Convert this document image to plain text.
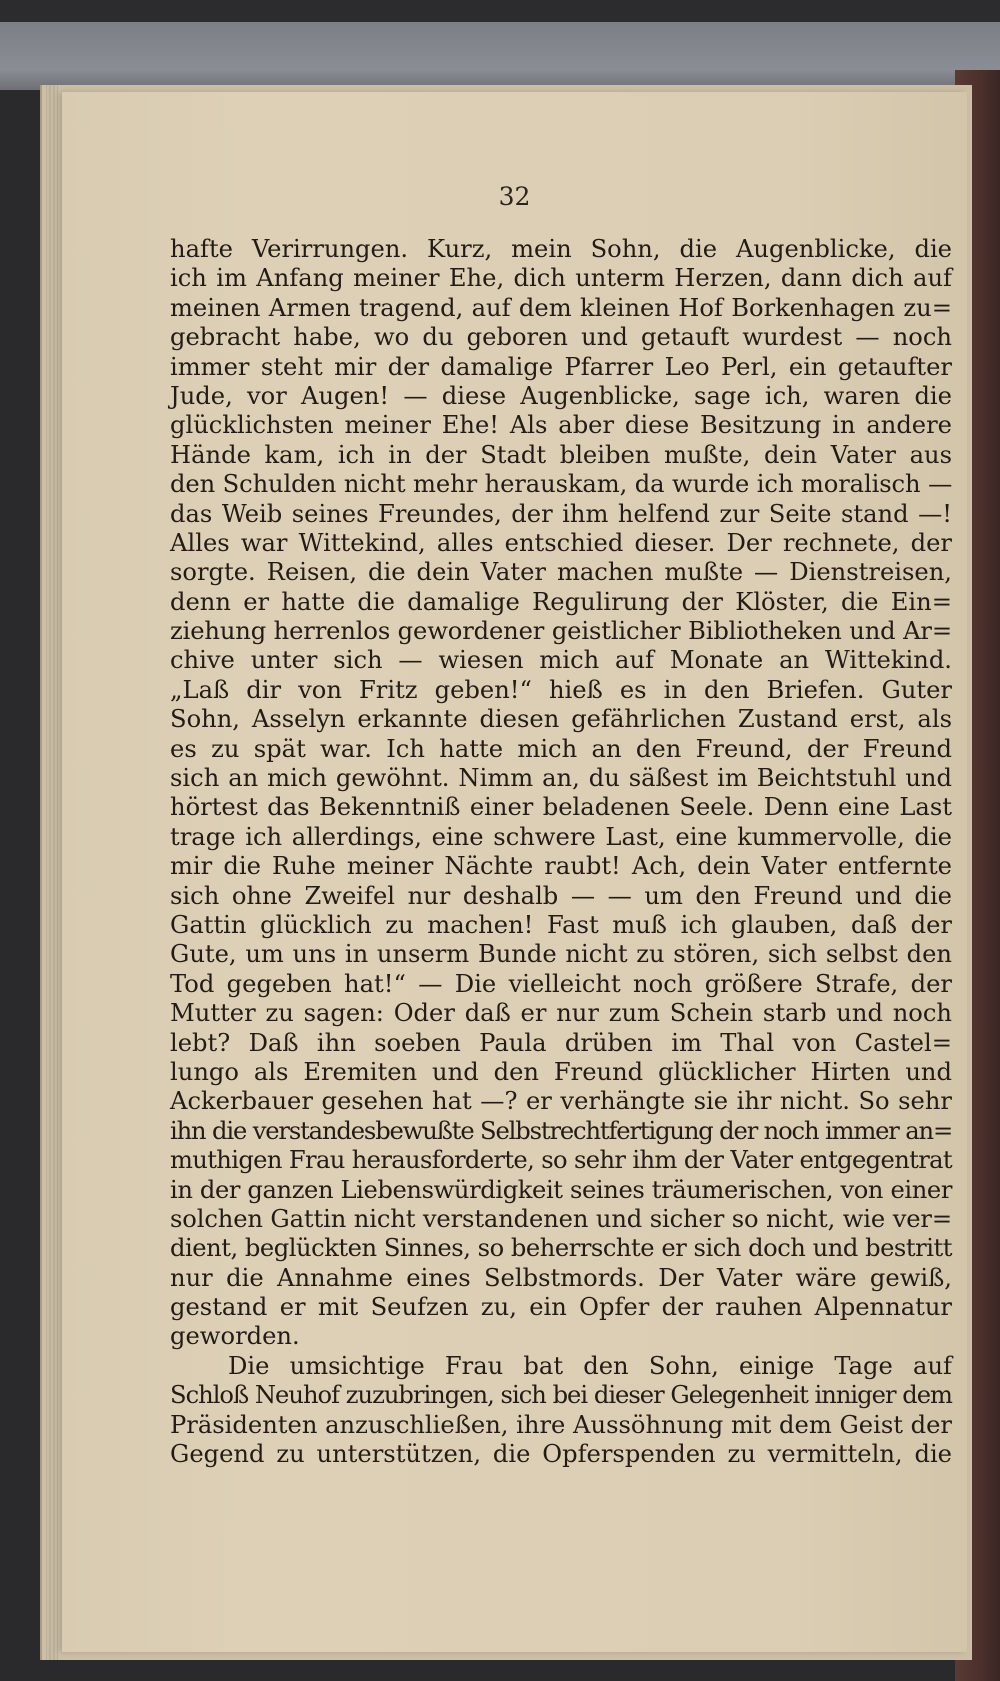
32
hafte Verirrungen. Kurz, mein Sohn, die Augenblicke, die
ich im Anfang meiner Ehe, dich unterm Herzen, dann dich auf
meinen Armen tragend, auf dem kleinen Hof Borkenhagen zu=
gebracht habe, wo du geboren und getauft wurdest — noch
immer steht mir der damalige Pfarrer Leo Perl, ein getaufter
Jude, vor Augen! — diese Augenblicke, sage ich, waren die
glücklichsten meiner Ehe! Als aber diese Besitzung in andere
Hände kam, ich in der Stadt bleiben mußte, dein Vater aus
den Schulden nicht mehr herauskam, da wurde ich moralisch —
das Weib seines Freundes, der ihm helfend zur Seite stand —!
Alles war Wittekind, alles entschied dieser. Der rechnete, der
sorgte. Reisen, die dein Vater machen mußte — Dienstreisen,
denn er hatte die damalige Regulirung der Klöster, die Ein=
ziehung herrenlos gewordener geistlicher Bibliotheken und Ar=
chive unter sich — wiesen mich auf Monate an Wittekind.
„Laß dir von Fritz geben!“ hieß es in den Briefen. Guter
Sohn, Asselyn erkannte diesen gefährlichen Zustand erst, als
es zu spät war. Ich hatte mich an den Freund, der Freund
sich an mich gewöhnt. Nimm an, du säßest im Beichtstuhl und
hörtest das Bekenntniß einer beladenen Seele. Denn eine Last
trage ich allerdings, eine schwere Last, eine kummervolle, die
mir die Ruhe meiner Nächte raubt! Ach, dein Vater entfernte
sich ohne Zweifel nur deshalb — — um den Freund und die
Gattin glücklich zu machen! Fast muß ich glauben, daß der
Gute, um uns in unserm Bunde nicht zu stören, sich selbst den
Tod gegeben hat!“ — Die vielleicht noch größere Strafe, der
Mutter zu sagen: Oder daß er nur zum Schein starb und noch
lebt? Daß ihn soeben Paula drüben im Thal von Castel=
lungo als Eremiten und den Freund glücklicher Hirten und
Ackerbauer gesehen hat —? er verhängte sie ihr nicht. So sehr
ihn die verstandesbewußte Selbstrechtfertigung der noch immer an=
muthigen Frau herausforderte, so sehr ihm der Vater entgegentrat
in der ganzen Liebenswürdigkeit seines träumerischen, von einer
solchen Gattin nicht verstandenen und sicher so nicht, wie ver=
dient, beglückten Sinnes, so beherrschte er sich doch und bestritt
nur die Annahme eines Selbstmords. Der Vater wäre gewiß,
gestand er mit Seufzen zu, ein Opfer der rauhen Alpennatur
geworden.
Die umsichtige Frau bat den Sohn, einige Tage auf
Schloß Neuhof zuzubringen, sich bei dieser Gelegenheit inniger dem
Präsidenten anzuschließen, ihre Aussöhnung mit dem Geist der
Gegend zu unterstützen, die Opferspenden zu vermitteln, die
